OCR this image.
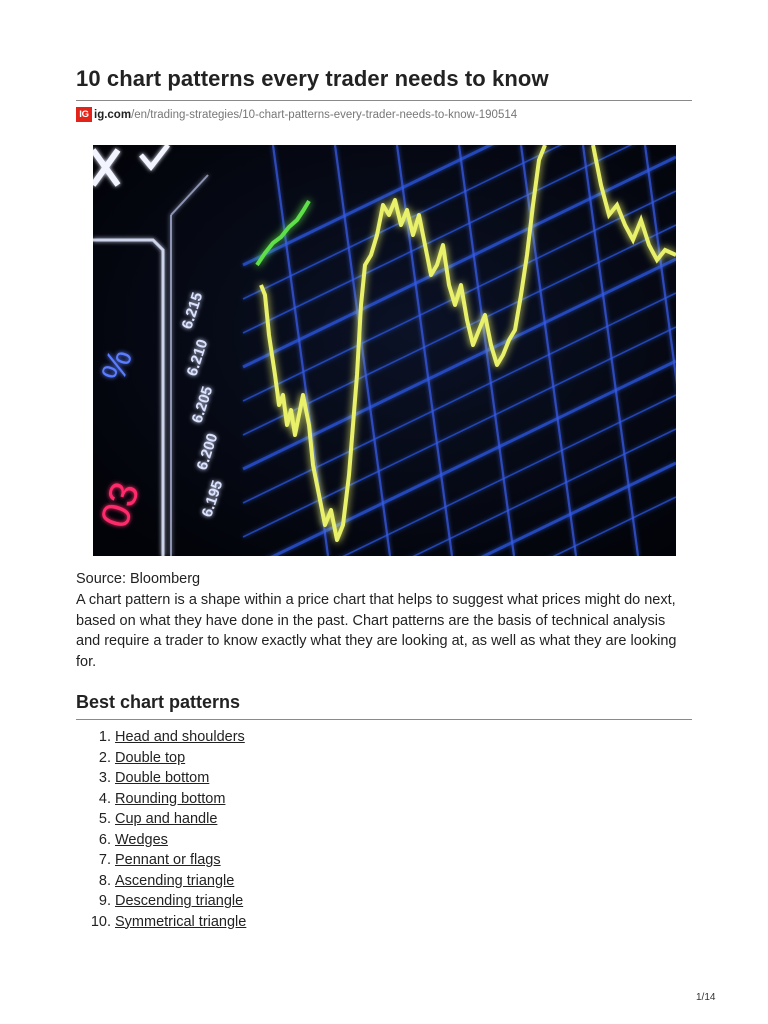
10 chart patterns every trader needs to know
IG ig.com/en/trading-strategies/10-chart-patterns-every-trader-needs-to-know-190514
%
03
6.215
6.210
6.205
6.200
6.195
Source: Bloomberg

A chart pattern is a shape within a price chart that helps to suggest what prices might do next, based on what they have done in the past. Chart patterns are the basis of technical analysis and require a trader to know exactly what they are looking at, as well as what they are looking for.

Best chart patterns
1. Head and shoulders
2. Double top
3. Double bottom
4. Rounding bottom
5. Cup and handle
6. Wedges
7. Pennant or flags
8. Ascending triangle
9. Descending triangle
10. Symmetrical triangle
1/14
